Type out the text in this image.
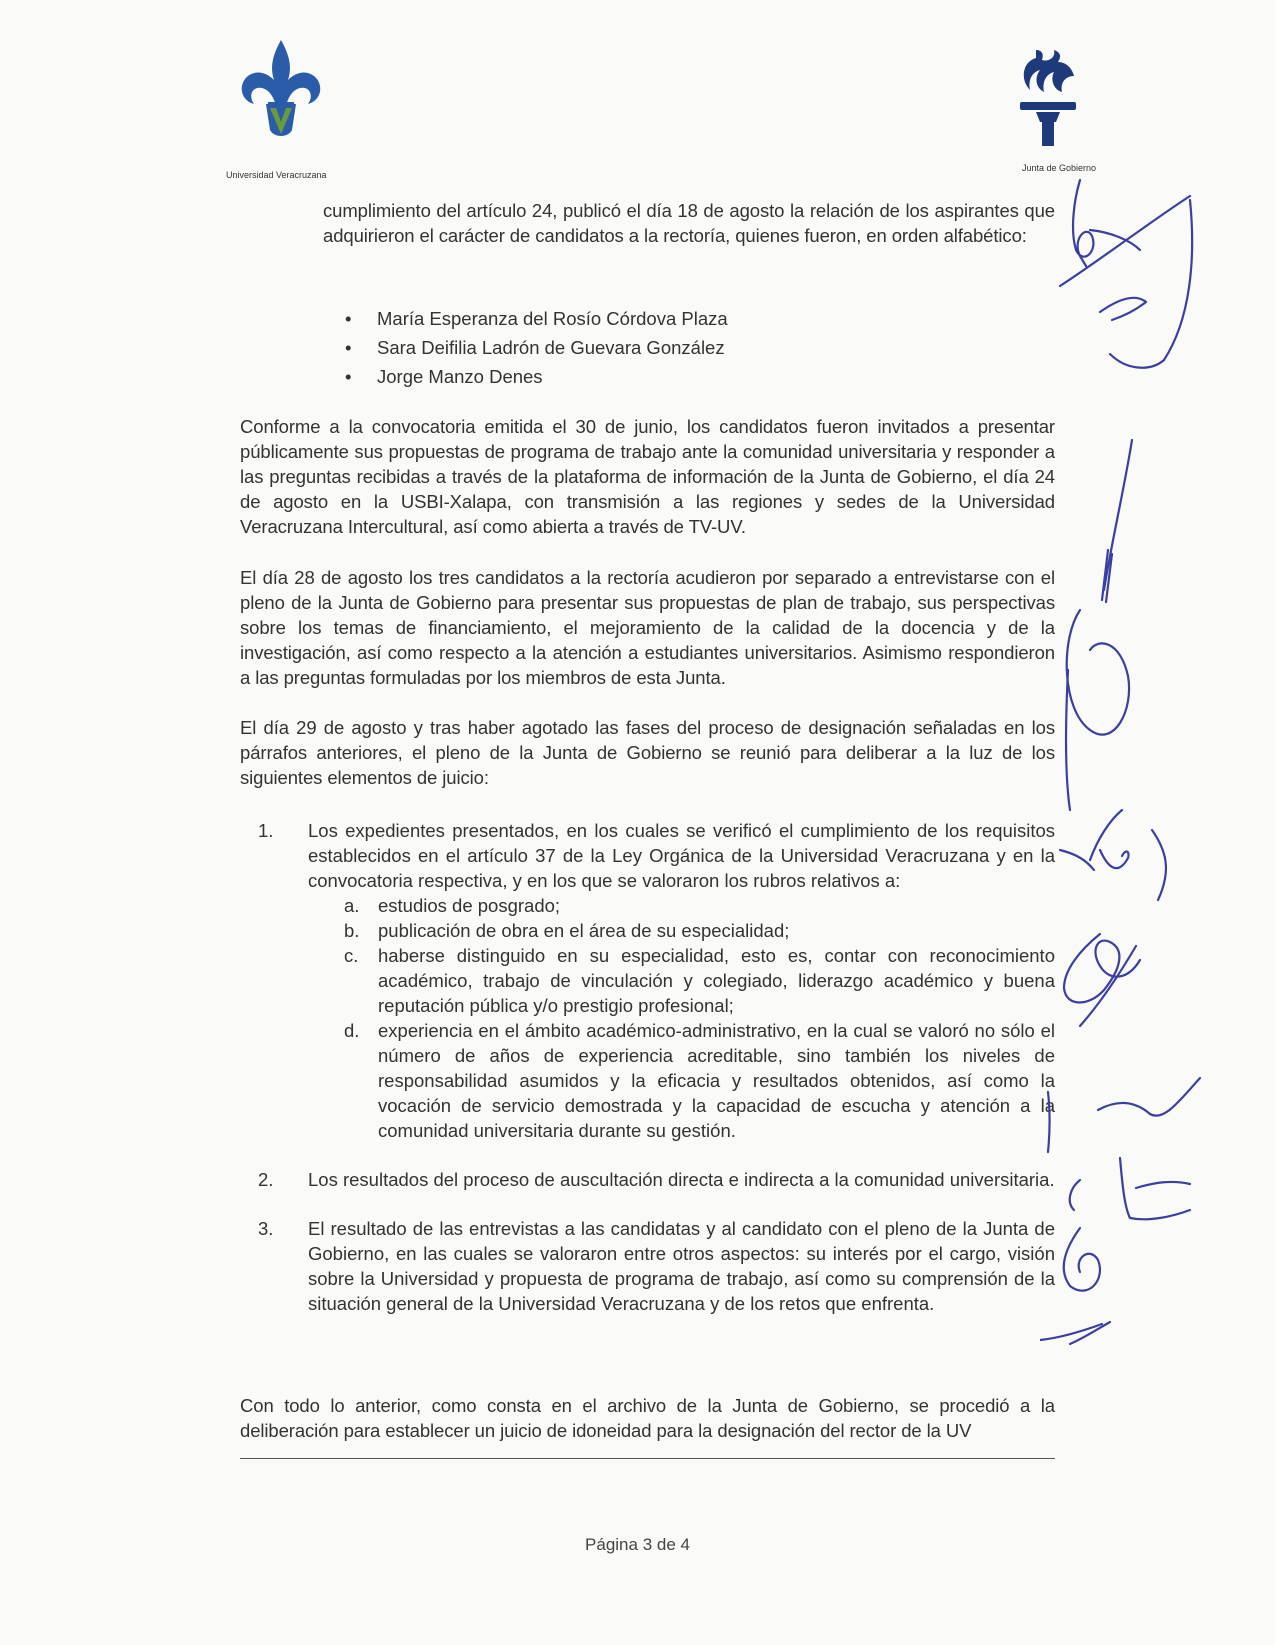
Universidad Veracruzana
Junta de Gobierno
cumplimiento del artículo 24, publicó el día 18 de agosto la relación de los aspirantes que adquirieron el carácter de candidatos a la rectoría, quienes fueron, en orden alfabético:
• María Esperanza del Rosío Córdova Plaza
• Sara Deifilia Ladrón de Guevara González
• Jorge Manzo Denes
Conforme a la convocatoria emitida el 30 de junio, los candidatos fueron invitados a presentar públicamente sus propuestas de programa de trabajo ante la comunidad universitaria y responder a las preguntas recibidas a través de la plataforma de información de la Junta de Gobierno, el día 24 de agosto en la USBI-Xalapa, con transmisión a las regiones y sedes de la Universidad Veracruzana Intercultural, así como abierta a través de TV-UV.
El día 28 de agosto los tres candidatos a la rectoría acudieron por separado a entrevistarse con el pleno de la Junta de Gobierno para presentar sus propuestas de plan de trabajo, sus perspectivas sobre los temas de financiamiento, el mejoramiento de la calidad de la docencia y de la investigación, así como respecto a la atención a estudiantes universitarios. Asimismo respondieron a las preguntas formuladas por los miembros de esta Junta.
El día 29 de agosto y tras haber agotado las fases del proceso de designación señaladas en los párrafos anteriores, el pleno de la Junta de Gobierno se reunió para deliberar a la luz de los siguientes elementos de juicio:
1. Los expedientes presentados, en los cuales se verificó el cumplimiento de los requisitos establecidos en el artículo 37 de la Ley Orgánica de la Universidad Veracruzana y en la convocatoria respectiva, y en los que se valoraron los rubros relativos a:
a. estudios de posgrado;
b. publicación de obra en el área de su especialidad;
c. haberse distinguido en su especialidad, esto es, contar con reconocimiento académico, trabajo de vinculación y colegiado, liderazgo académico y buena reputación pública y/o prestigio profesional;
d. experiencia en el ámbito académico-administrativo, en la cual se valoró no sólo el número de años de experiencia acreditable, sino también los niveles de responsabilidad asumidos y la eficacia y resultados obtenidos, así como la vocación de servicio demostrada y la capacidad de escucha y atención a la comunidad universitaria durante su gestión.
2. Los resultados del proceso de auscultación directa e indirecta a la comunidad universitaria.
3. El resultado de las entrevistas a las candidatas y al candidato con el pleno de la Junta de Gobierno, en las cuales se valoraron entre otros aspectos: su interés por el cargo, visión sobre la Universidad y propuesta de programa de trabajo, así como su comprensión de la situación general de la Universidad Veracruzana y de los retos que enfrenta.
Con todo lo anterior, como consta en el archivo de la Junta de Gobierno, se procedió a la deliberación para establecer un juicio de idoneidad para la designación del rector de la UV
Página 3 de 4
